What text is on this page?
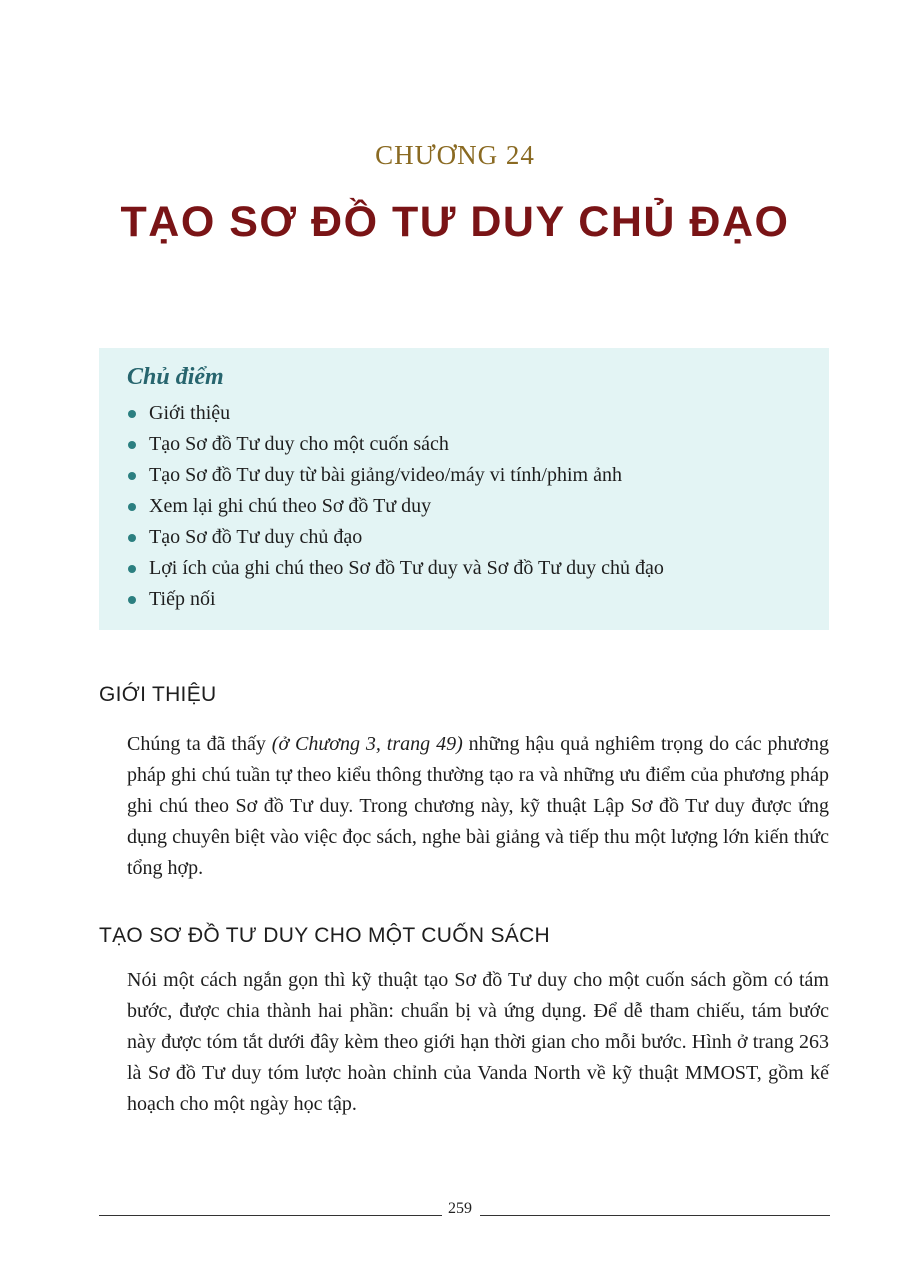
CHƯƠNG 24
TẠO SƠ ĐỒ TƯ DUY CHỦ ĐẠO
Chủ điểm
Giới thiệu
Tạo Sơ đồ Tư duy cho một cuốn sách
Tạo Sơ đồ Tư duy từ bài giảng/video/máy vi tính/phim ảnh
Xem lại ghi chú theo Sơ đồ Tư duy
Tạo Sơ đồ Tư duy chủ đạo
Lợi ích của ghi chú theo Sơ đồ Tư duy và Sơ đồ Tư duy chủ đạo
Tiếp nối
GIỚI THIỆU
Chúng ta đã thấy (ở Chương 3, trang 49) những hậu quả nghiêm trọng do các phương pháp ghi chú tuần tự theo kiểu thông thường tạo ra và những ưu điểm của phương pháp ghi chú theo Sơ đồ Tư duy. Trong chương này, kỹ thuật Lập Sơ đồ Tư duy được ứng dụng chuyên biệt vào việc đọc sách, nghe bài giảng và tiếp thu một lượng lớn kiến thức tổng hợp.
TẠO SƠ ĐỒ TƯ DUY CHO MỘT CUỐN SÁCH
Nói một cách ngắn gọn thì kỹ thuật tạo Sơ đồ Tư duy cho một cuốn sách gồm có tám bước, được chia thành hai phần: chuẩn bị và ứng dụng. Để dễ tham chiếu, tám bước này được tóm tắt dưới đây kèm theo giới hạn thời gian cho mỗi bước. Hình ở trang 263 là Sơ đồ Tư duy tóm lược hoàn chỉnh của Vanda North về kỹ thuật MMOST, gồm kế hoạch cho một ngày học tập.
259
